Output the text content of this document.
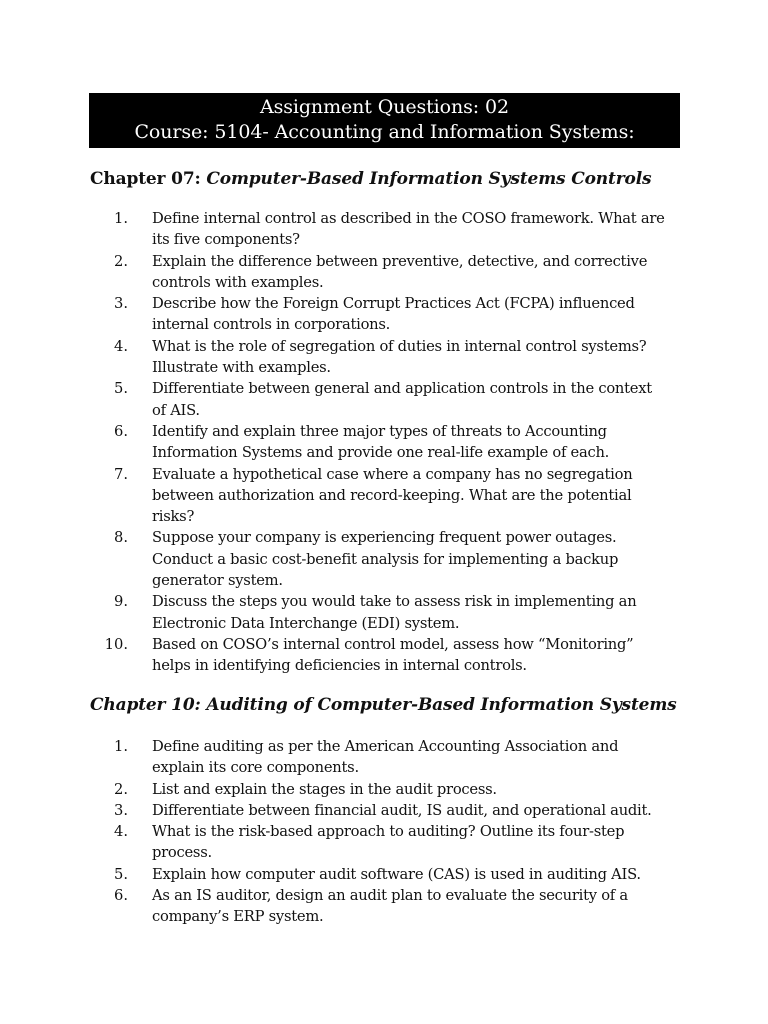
Assignment Questions: 02
Course: 5104- Accounting and Information Systems:
Chapter 07: Computer-Based Information Systems Controls
1. Define internal control as described in the COSO framework. What are
its five components?
2. Explain the difference between preventive, detective, and corrective
controls with examples.
3. Describe how the Foreign Corrupt Practices Act (FCPA) influenced
internal controls in corporations.
4. What is the role of segregation of duties in internal control systems?
Illustrate with examples.
5. Differentiate between general and application controls in the context
of AIS.
6. Identify and explain three major types of threats to Accounting
Information Systems and provide one real-life example of each.
7. Evaluate a hypothetical case where a company has no segregation
between authorization and record-keeping. What are the potential
risks?
8. Suppose your company is experiencing frequent power outages.
Conduct a basic cost-benefit analysis for implementing a backup
generator system.
9. Discuss the steps you would take to assess risk in implementing an
Electronic Data Interchange (EDI) system.
10. Based on COSO’s internal control model, assess how “Monitoring”
helps in identifying deficiencies in internal controls.
Chapter 10: Auditing of Computer-Based Information Systems
1. Define auditing as per the American Accounting Association and
explain its core components.
2. List and explain the stages in the audit process.
3. Differentiate between financial audit, IS audit, and operational audit.
4. What is the risk-based approach to auditing? Outline its four-step
process.
5. Explain how computer audit software (CAS) is used in auditing AIS.
6. As an IS auditor, design an audit plan to evaluate the security of a
company’s ERP system.
